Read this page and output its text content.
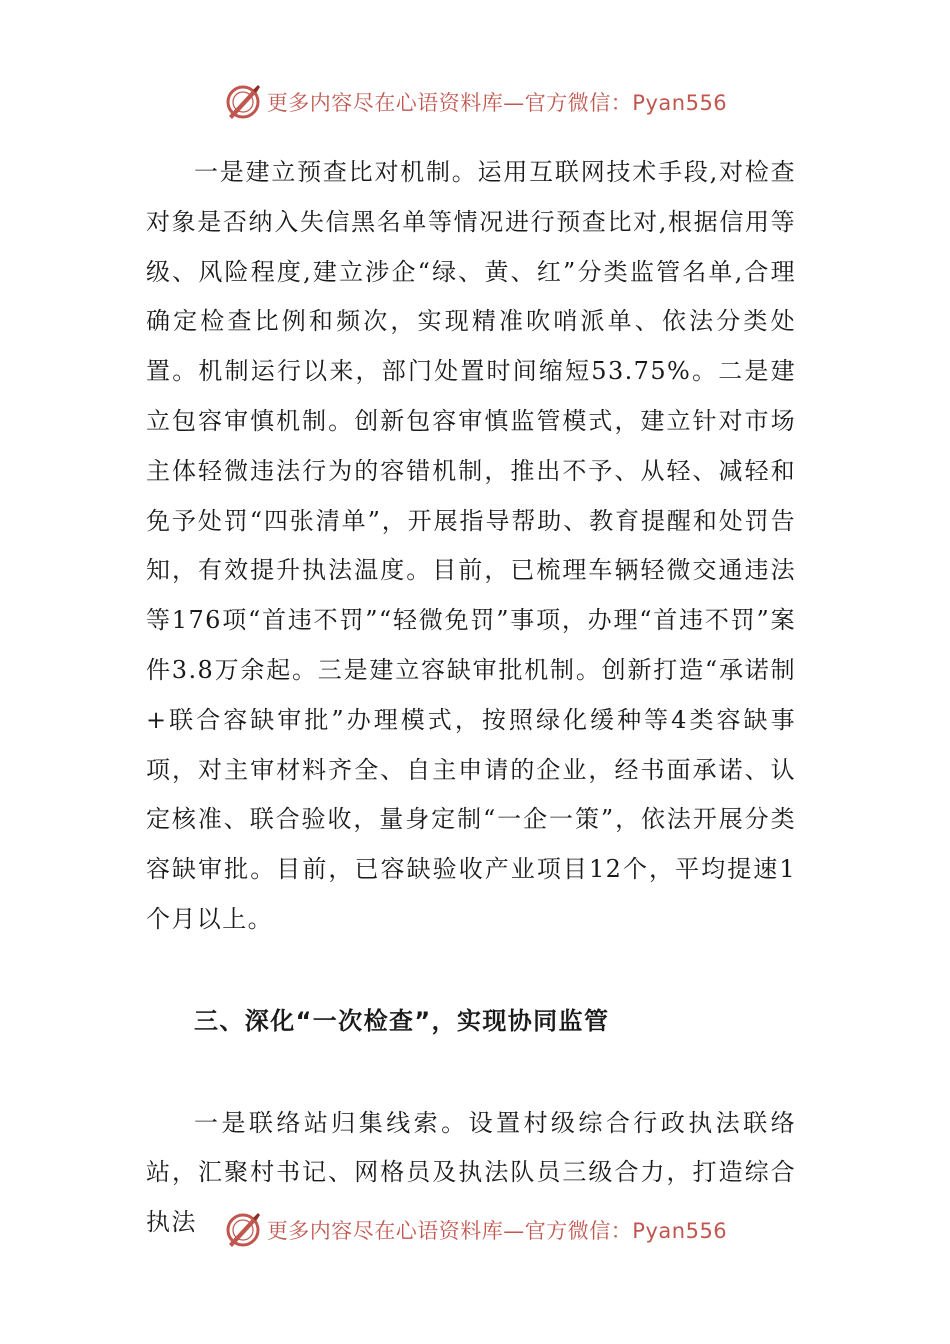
更多内容尽在心语资料库—官方微信：Pyan556

一是建立预查比对机制。运用互联网技术手段,对检查对象是否纳入失信黑名单等情况进行预查比对,根据信用等级、风险程度,建立涉企“绿、黄、红”分类监管名单,合理确定检查比例和频次，实现精准吹哨派单、依法分类处置。机制运行以来，部门处置时间缩短53.75%。二是建立包容审慎机制。创新包容审慎监管模式，建立针对市场主体轻微违法行为的容错机制，推出不予、从轻、减轻和免予处罚“四张清单”，开展指导帮助、教育提醒和处罚告知，有效提升执法温度。目前，已梳理车辆轻微交通违法等176项“首违不罚”“轻微免罚”事项，办理“首违不罚”案件3.8万余起。三是建立容缺审批机制。创新打造“承诺制+联合容缺审批”办理模式，按照绿化缓种等4类容缺事项，对主审材料齐全、自主申请的企业，经书面承诺、认定核准、联合验收，量身定制“一企一策”，依法开展分类容缺审批。目前，已容缺验收产业项目12个，平均提速1个月以上。

三、深化“一次检查”，实现协同监管

一是联络站归集线索。设置村级综合行政执法联络站，汇聚村书记、网格员及执法队员三级合力，打造综合执法	更多内容尽在心语资料库—官方微信：Pyan556
